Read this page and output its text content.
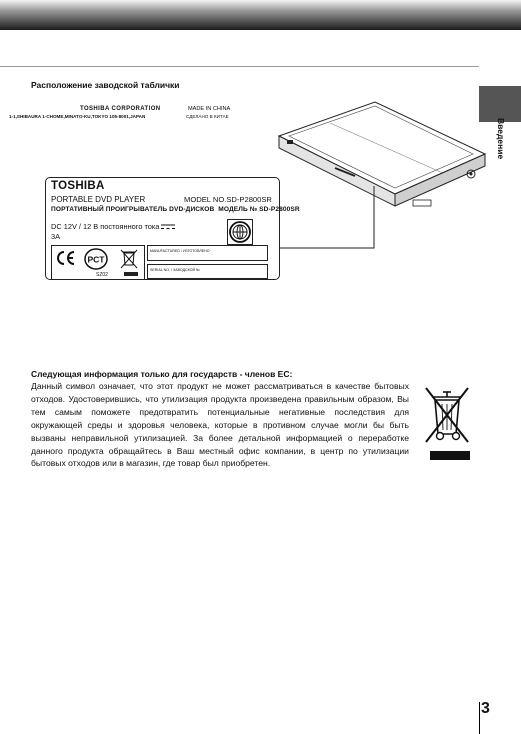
Введение
Расположение заводской таблички
TOSHIBA
PORTABLE DVD PLAYER	MODEL NO.SD-P2800SR
ПОРТАТИВНЫЙ ПРОИГРЫВАТЕЛЬ DVD-ДИСКОВ МОДЕЛЬ № SD-P2800SR
DC 12V / 12 В постоянного тока
3A
PCT
SZ02
MANUFACTURED / ИЗГОТОВЛЕНО
SERIAL NO. / ЗАВОДСКОЙ №
TOSHIBA CORPORATION	MADE IN CHINA
1-1,SHIBAURA 1-CHOME,MINATO-KU,TOKYO 105-8001,JAPAN	СДЕЛАНО В КИТАЕ
Следующая информация только для государств - членов ЕС:
Данный символ означает, что этот продукт не может рассматриваться в качестве бытовых отходов. Удостоверившись, что утилизация продукта произведена правильным образом, Вы тем самым поможете предотвратить потенциальные негативные последствия для окружающей среды и здоровья человека, которые в противном случае могли бы быть вызваны неправильной утилизацией. За более детальной информацией о переработке данного продукта обращайтесь в Ваш местный офис компании, в центр по утилизации бытовых отходов или в магазин, где товар был приобретен.
3
